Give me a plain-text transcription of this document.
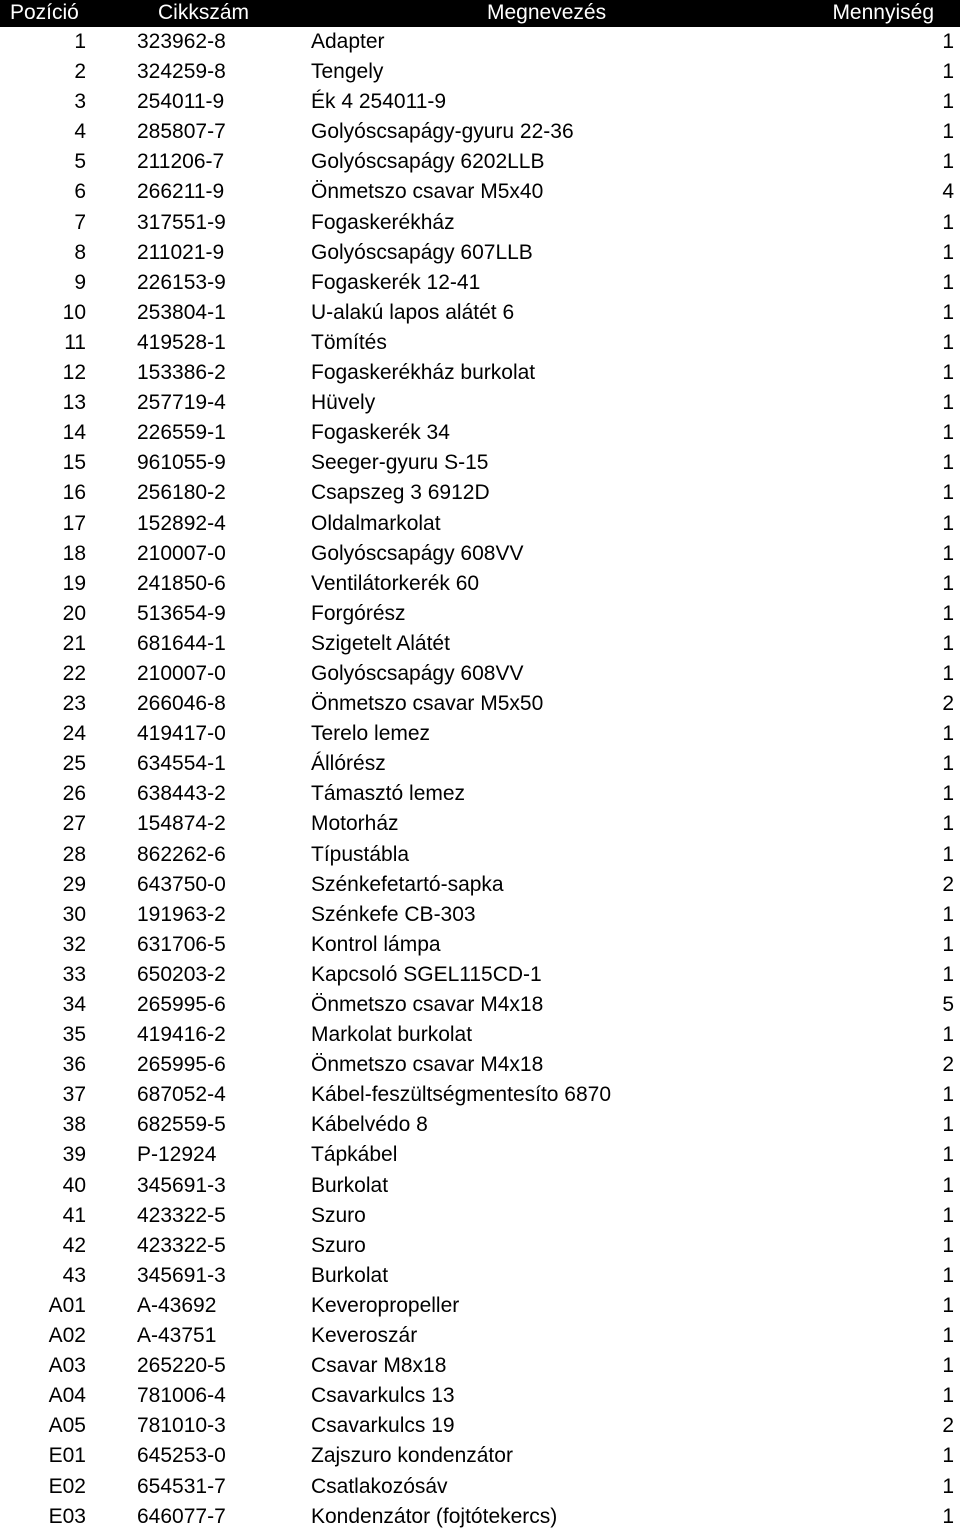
Pozíció	Cikkszám	Megnevezés	Mennyiség
1 323962-8	Adapter	1
2 324259-8	Tengely	1
3 254011-9	Ék 4 254011-9	1
4 285807-7	Golyóscsapágy-gyuru 22-36	1
5 211206-7	Golyóscsapágy 6202LLB	1
6 266211-9	Önmetszo csavar M5x40	4
7 317551-9	Fogaskerékház	1
8 211021-9	Golyóscsapágy 607LLB	1
9 226153-9	Fogaskerék 12-41	1
10 253804-1	U-alakú lapos alátét 6	1
11 419528-1	Tömítés	1
12 153386-2	Fogaskerékház burkolat	1
13 257719-4	Hüvely	1
14 226559-1	Fogaskerék 34	1
15 961055-9	Seeger-gyuru S-15	1
16 256180-2	Csapszeg 3 6912D	1
17 152892-4	Oldalmarkolat	1
18 210007-0	Golyóscsapágy 608VV	1
19 241850-6	Ventilátorkerék 60	1
20 513654-9	Forgórész	1
21 681644-1	Szigetelt Alátét	1
22 210007-0	Golyóscsapágy 608VV	1
23 266046-8	Önmetszo csavar M5x50	2
24 419417-0	Terelo lemez	1
25 634554-1	Állórész	1
26 638443-2	Támasztó lemez	1
27 154874-2	Motorház	1
28 862262-6	Típustábla	1
29 643750-0	Szénkefetartó-sapka	2
30 191963-2	Szénkefe CB-303	1
32 631706-5	Kontrol lámpa	1
33 650203-2	Kapcsoló SGEL115CD-1	1
34 265995-6	Önmetszo csavar M4x18	5
35 419416-2	Markolat burkolat	1
36 265995-6	Önmetszo csavar M4x18	2
37 687052-4	Kábel-feszültségmentesíto 6870	1
38 682559-5	Kábelvédo 8	1
39 P-12924	Tápkábel	1
40 345691-3	Burkolat	1
41 423322-5	Szuro	1
42 423322-5	Szuro	1
43 345691-3	Burkolat	1
A01 A-43692	Keveropropeller	1
A02 A-43751	Keveroszár	1
A03 265220-5	Csavar M8x18	1
A04 781006-4	Csavarkulcs 13	1
A05 781010-3	Csavarkulcs 19	2
E01 645253-0	Zajszuro kondenzátor	1
E02 654531-7	Csatlakozósáv	1
E03 646077-7	Kondenzátor (fojtótekercs)	1
